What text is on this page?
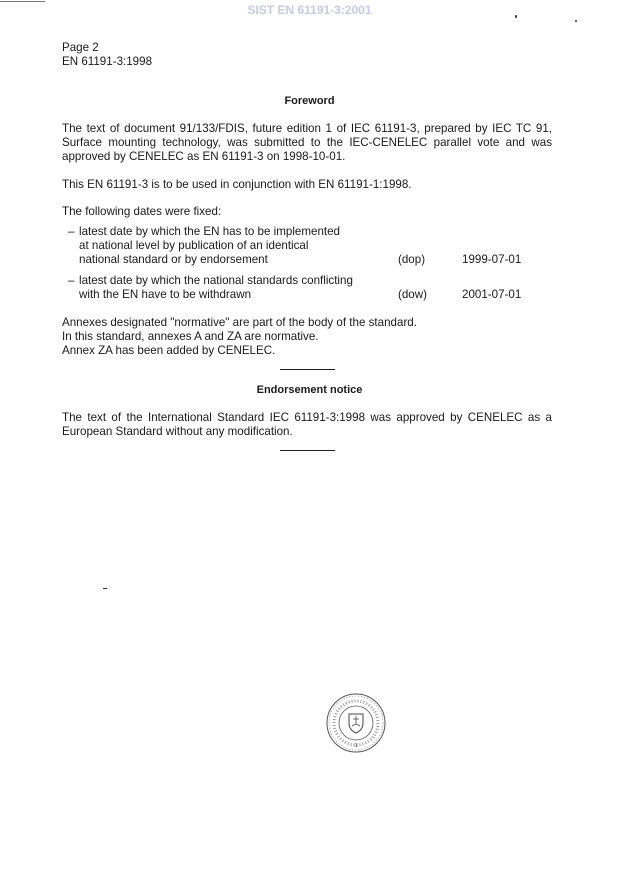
SIST EN 61191-3:2001
Page 2
EN 61191-3:1998
Foreword
The text of document 91/133/FDIS, future edition 1 of IEC 61191-3, prepared by IEC TC 91,
Surface mounting technology, was submitted to the IEC-CENELEC parallel vote and was
approved by CENELEC as EN 61191-3 on 1998-10-01.
This EN 61191-3 is to be used in conjunction with EN 61191-1:1998.
The following dates were fixed:
– latest date by which the EN has to be implemented
at national level by publication of an identical
national standard or by endorsement	(dop)	1999-07-01
– latest date by which the national standards conflicting
with the EN have to be withdrawn	(dow)	2001-07-01
Annexes designated "normative" are part of the body of the standard.
In this standard, annexes A and ZA are normative.
Annex ZA has been added by CENELEC.
Endorsement notice
The text of the International Standard IEC 61191-3:1998 was approved by CENELEC as a
European Standard without any modification.
1
